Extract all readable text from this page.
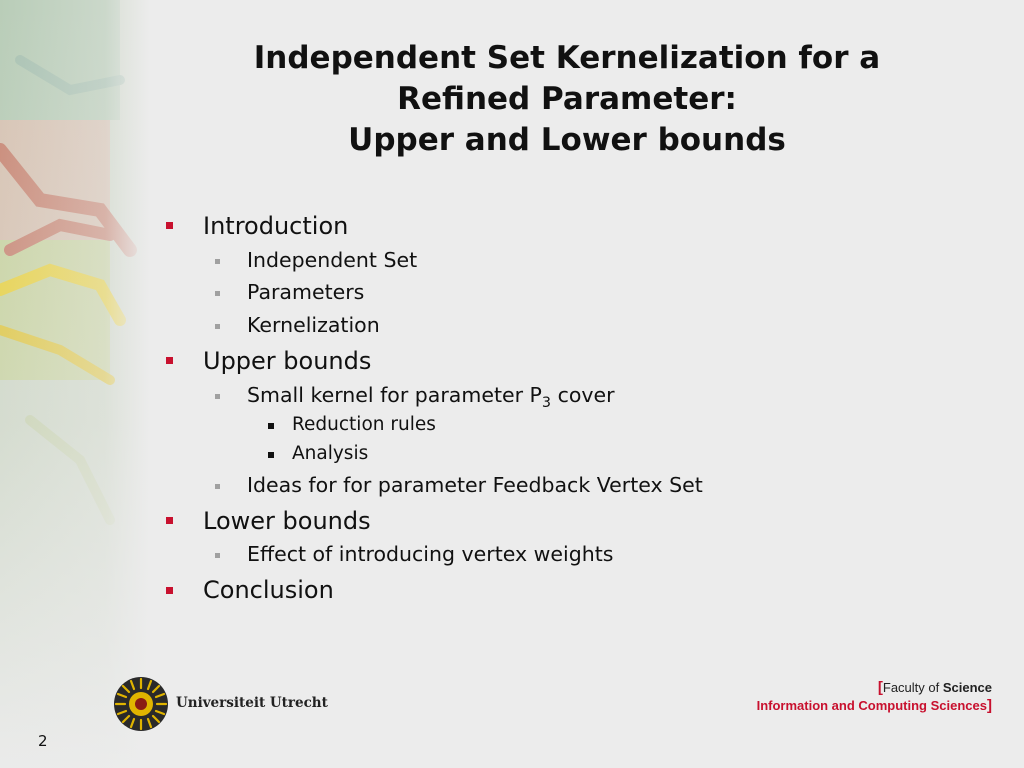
Independent Set Kernelization for a
Refined Parameter:
Upper and Lower bounds
Introduction
Independent Set
Parameters
Kernelization
Upper bounds
Small kernel for parameter $P_3$ cover
Reduction rules
Analysis
Ideas for for parameter Feedback Vertex Set
Lower bounds
Effect of introducing vertex weights
Conclusion
Universiteit Utrecht
[Faculty of Science
Information and Computing Sciences]
2
